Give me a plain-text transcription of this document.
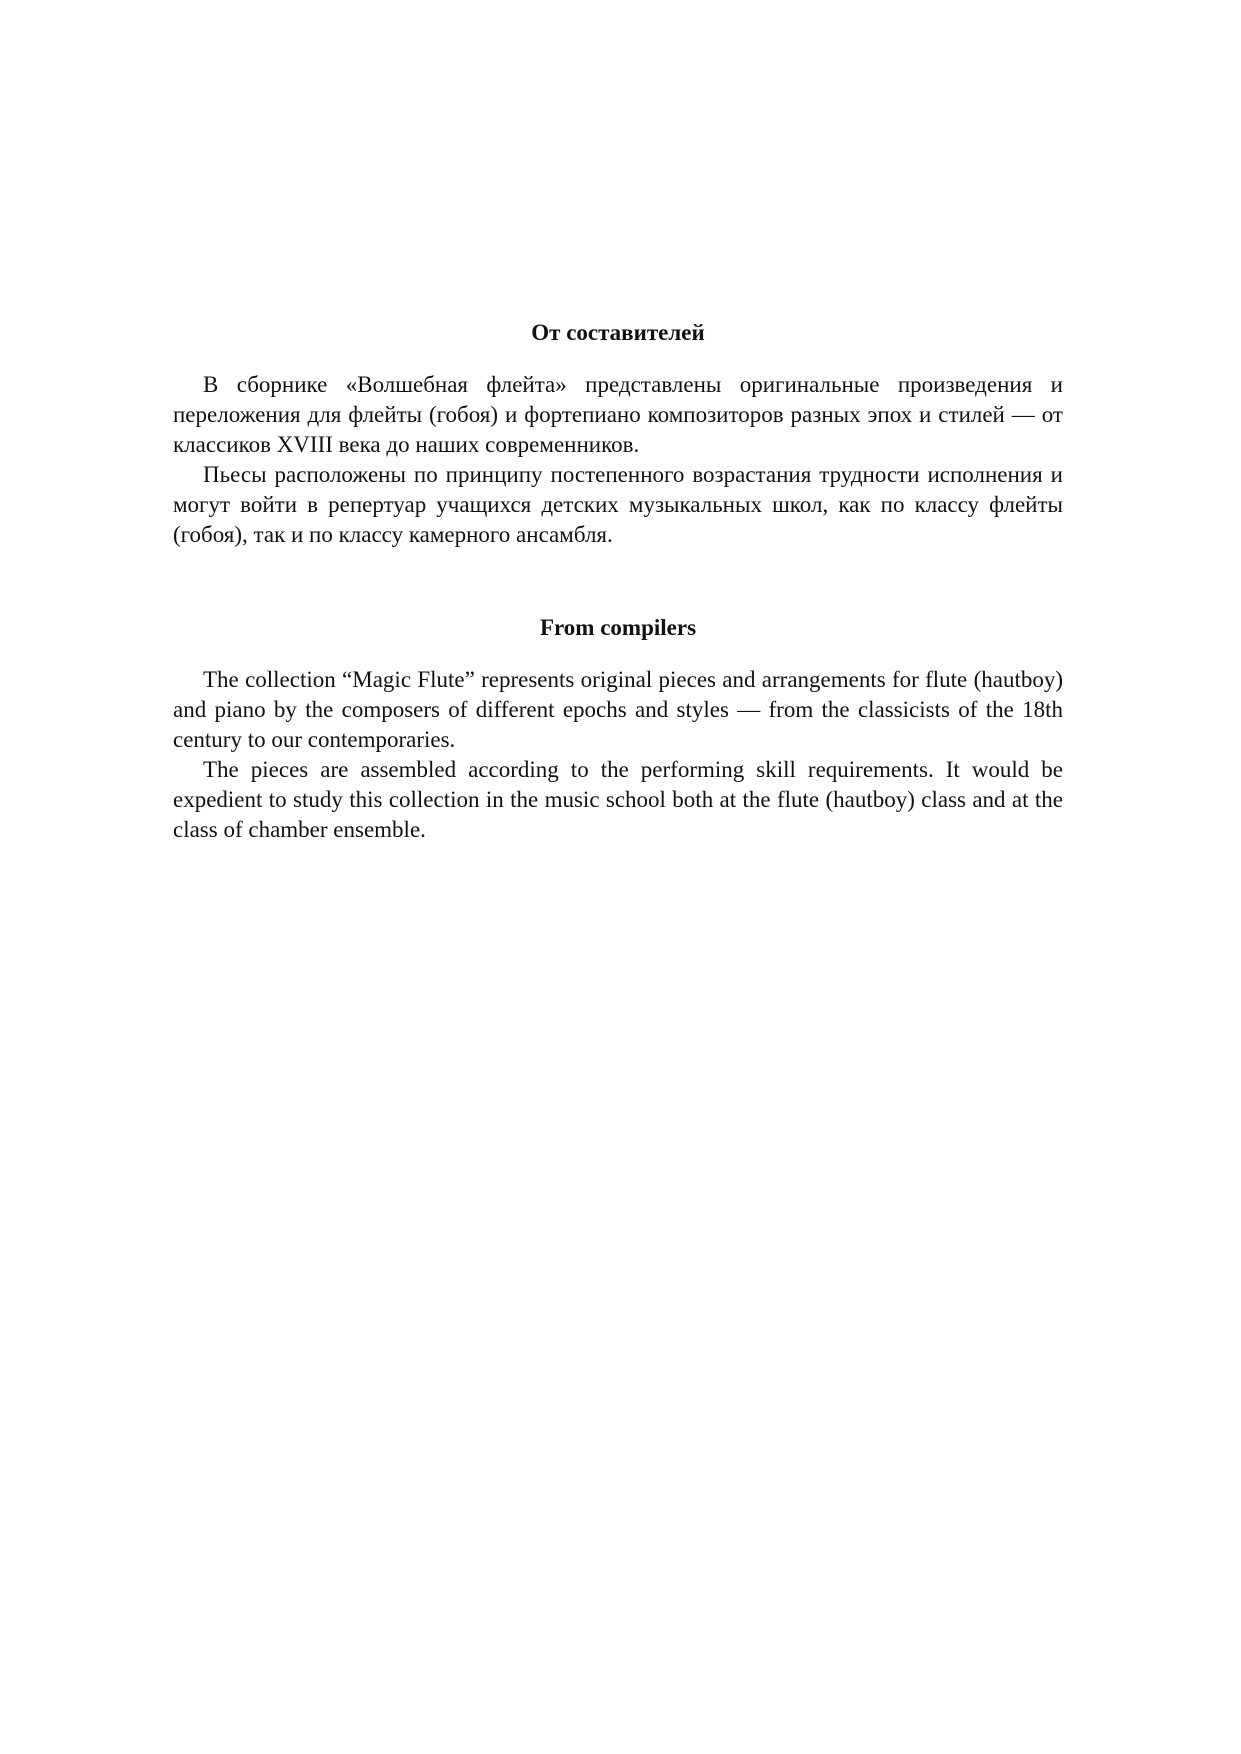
От составителей

В сборнике «Волшебная флейта» представлены оригинальные произведения и переложения для флейты (гобоя) и фортепиано композиторов разных эпох и стилей — от классиков XVIII века до наших современников.

Пьесы расположены по принципу постепенного возрастания трудности исполнения и могут войти в репертуар учащихся детских музыкальных школ, как по классу флейты (гобоя), так и по классу камерного ансамбля.

From compilers

The collection “Magic Flute” represents original pieces and arrangements for flute (hautboy) and piano by the composers of different epochs and styles — from the classicists of the 18th century to our contemporaries.

The pieces are assembled according to the performing skill requirements. It would be expedient to study this collection in the music school both at the flute (hautboy) class and at the class of chamber ensemble.
